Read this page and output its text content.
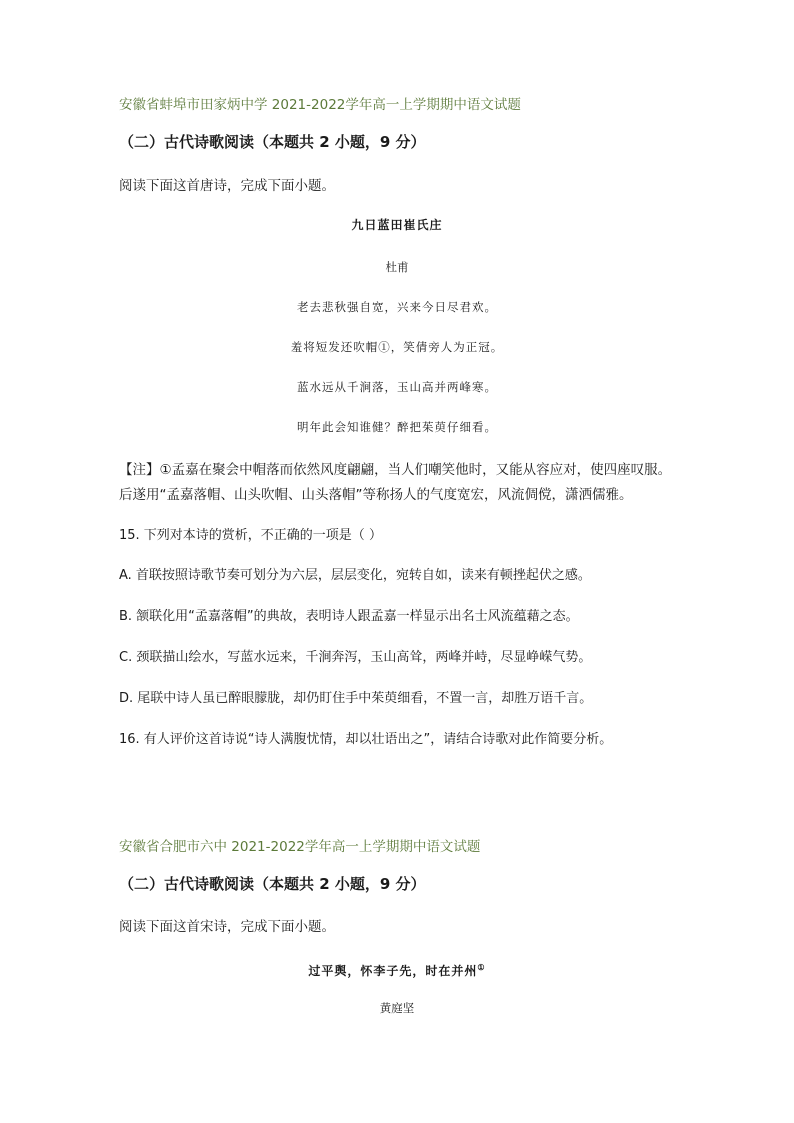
安徽省蚌埠市田家炳中学 2021-2022学年高一上学期期中语文试题
（二）古代诗歌阅读（本题共 2 小题，9 分）
阅读下面这首唐诗，完成下面小题。
九日蓝田崔氏庄
杜甫
老去悲秋强自宽，兴来今日尽君欢。
羞将短发还吹帽①，笑倩旁人为正冠。
蓝水远从千涧落，玉山高并两峰寒。
明年此会知谁健？醉把茱萸仔细看。
【注】①孟嘉在聚会中帽落而依然风度翩翩，当人们嘲笑他时，又能从容应对，使四座叹服。
后遂用“孟嘉落帽、山头吹帽、山头落帽”等称扬人的气度宽宏，风流倜傥，潇洒儒雅。
15. 下列对本诗的赏析，不正确的一项是（ ）
A. 首联按照诗歌节奏可划分为六层，层层变化，宛转自如，读来有顿挫起伏之感。
B. 颔联化用“孟嘉落帽”的典故，表明诗人跟孟嘉一样显示出名士风流蕴藉之态。
C. 颈联描山绘水，写蓝水远来，千涧奔泻，玉山高耸，两峰并峙，尽显峥嵘气势。
D. 尾联中诗人虽已醉眼朦胧，却仍盯住手中茱萸细看，不置一言，却胜万语千言。
16. 有人评价这首诗说“诗人满腹忧情，却以壮语出之”，请结合诗歌对此作简要分析。
安徽省合肥市六中 2021-2022学年高一上学期期中语文试题
（二）古代诗歌阅读（本题共 2 小题，9 分）
阅读下面这首宋诗，完成下面小题。
过平舆，怀李子先，时在并州①
黄庭坚
